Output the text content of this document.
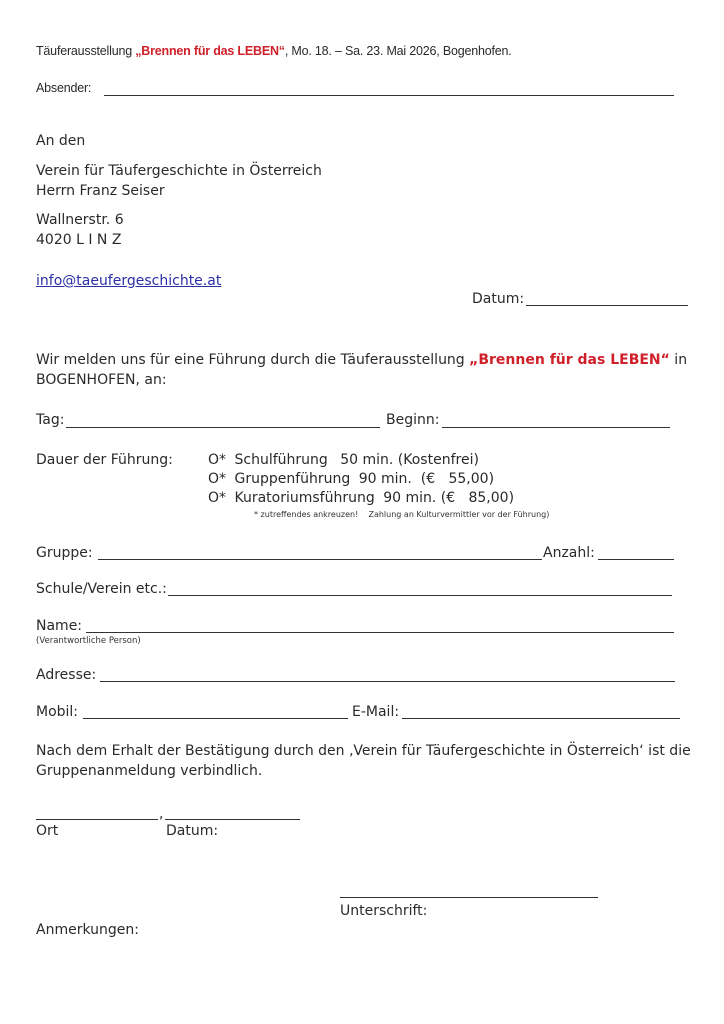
Täuferausstellung „Brennen für das LEBEN“, Mo. 18. – Sa. 23. Mai 2026, Bogenhofen.
Absender:
An den
Verein für Täufergeschichte in Österreich
Herrn Franz Seiser
Wallnerstr. 6
4020 L I N Z
info@taeufergeschichte.at
Datum:
Wir melden uns für eine Führung durch die Täuferausstellung „Brennen für das LEBEN“ in
BOGENHOFEN, an:
Tag:	Beginn:
Dauer der Führung:	O* Schulführung 50 min. (Kostenfrei)
O* Gruppenführung 90 min.  (€   55,00)
O* Kuratoriumsführung 90 min. (€   85,00)
* zutreffendes ankreuzen!    Zahlung an Kulturvermittler vor der Führung)
Gruppe:	Anzahl:
Schule/Verein etc.:
Name:
(Verantwortliche Person)
Adresse:
Mobil:	E-Mail:
Nach dem Erhalt der Bestätigung durch den ‚Verein für Täufergeschichte in Österreich‘ ist die
Gruppenanmeldung verbindlich.
,
Ort	Datum:
Unterschrift:
Anmerkungen:
